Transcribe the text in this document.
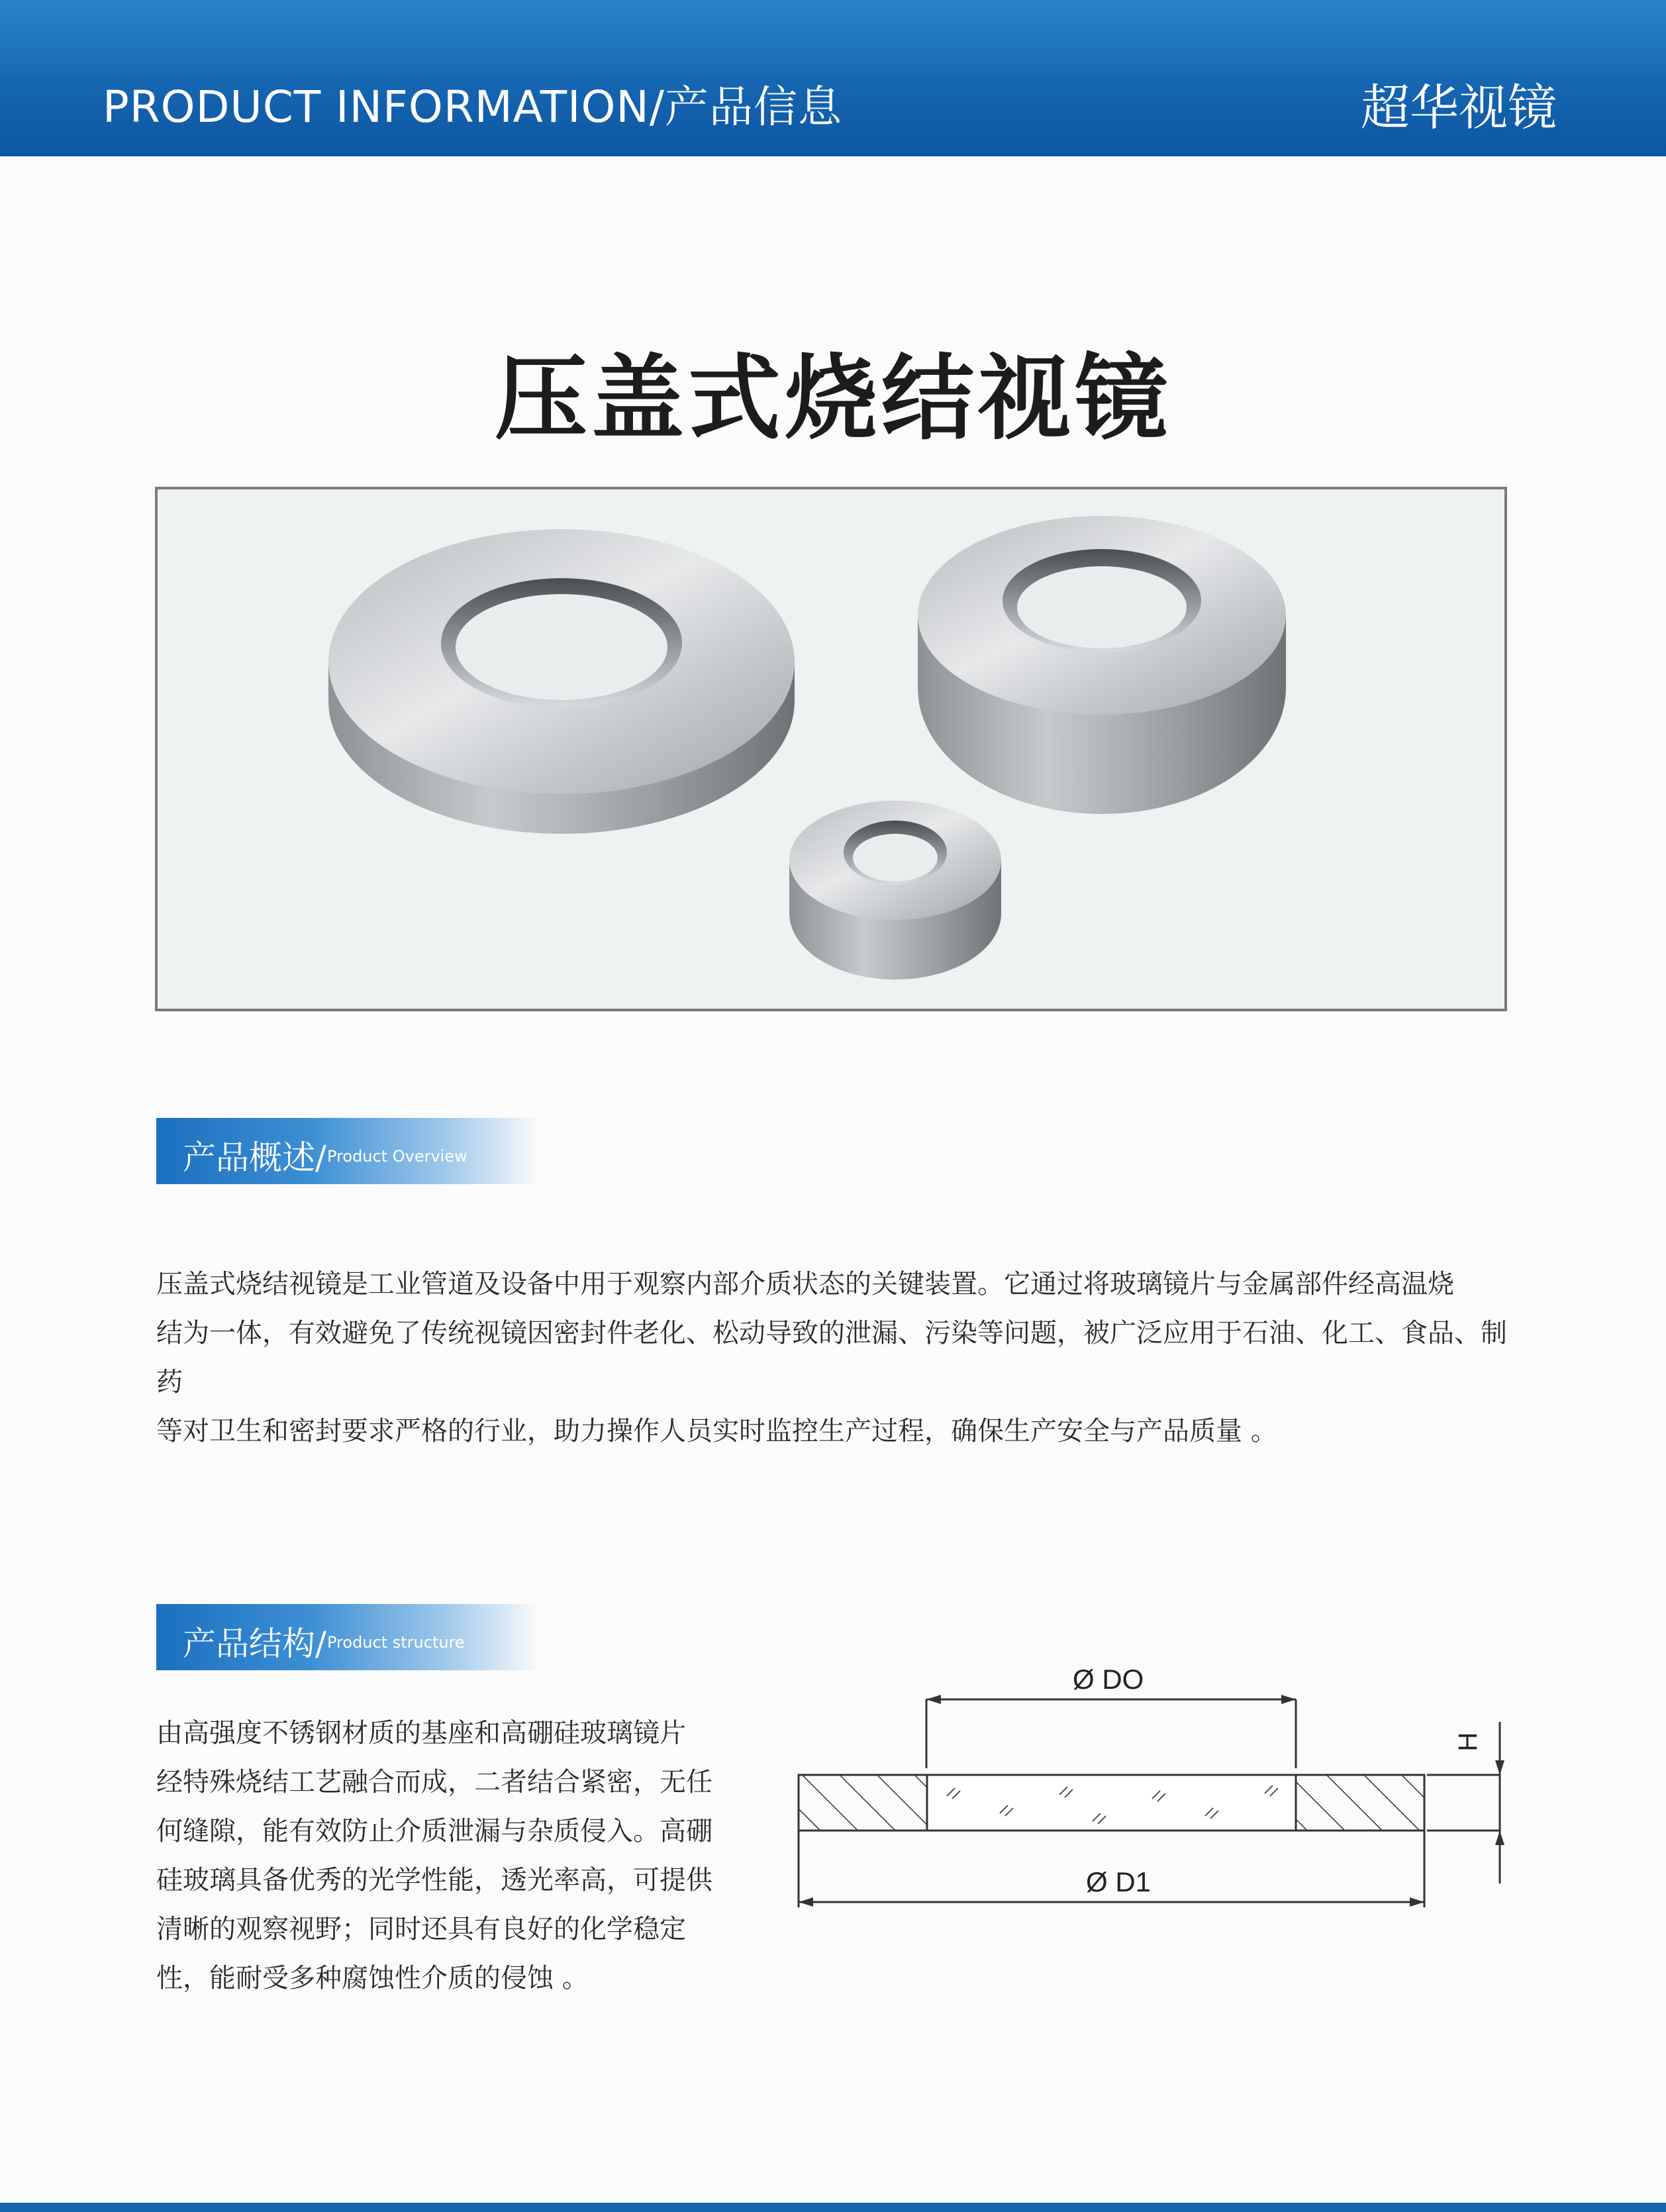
PRODUCT INFORMATION/产品信息	超华视镜
压盖式烧结视镜
产品概述/ Product Overview
压盖式烧结视镜是工业管道及设备中用于观察内部介质状态的关键装置。它通过将玻璃镜片与金属部件经高温烧
结为一体，有效避免了传统视镜因密封件老化、松动导致的泄漏、污染等问题，被广泛应用于石油、化工、食品、制药
等对卫生和密封要求严格的行业，助力操作人员实时监控生产过程，确保生产安全与产品质量 。
产品结构/ Product structure
由高强度不锈钢材质的基座和高硼硅玻璃镜片
经特殊烧结工艺融合而成，二者结合紧密，无任
何缝隙，能有效防止介质泄漏与杂质侵入。高硼
硅玻璃具备优秀的光学性能，透光率高，可提供
清晰的观察视野；同时还具有良好的化学稳定
性，能耐受多种腐蚀性介质的侵蚀 。
Ø DO
H
Ø D1
